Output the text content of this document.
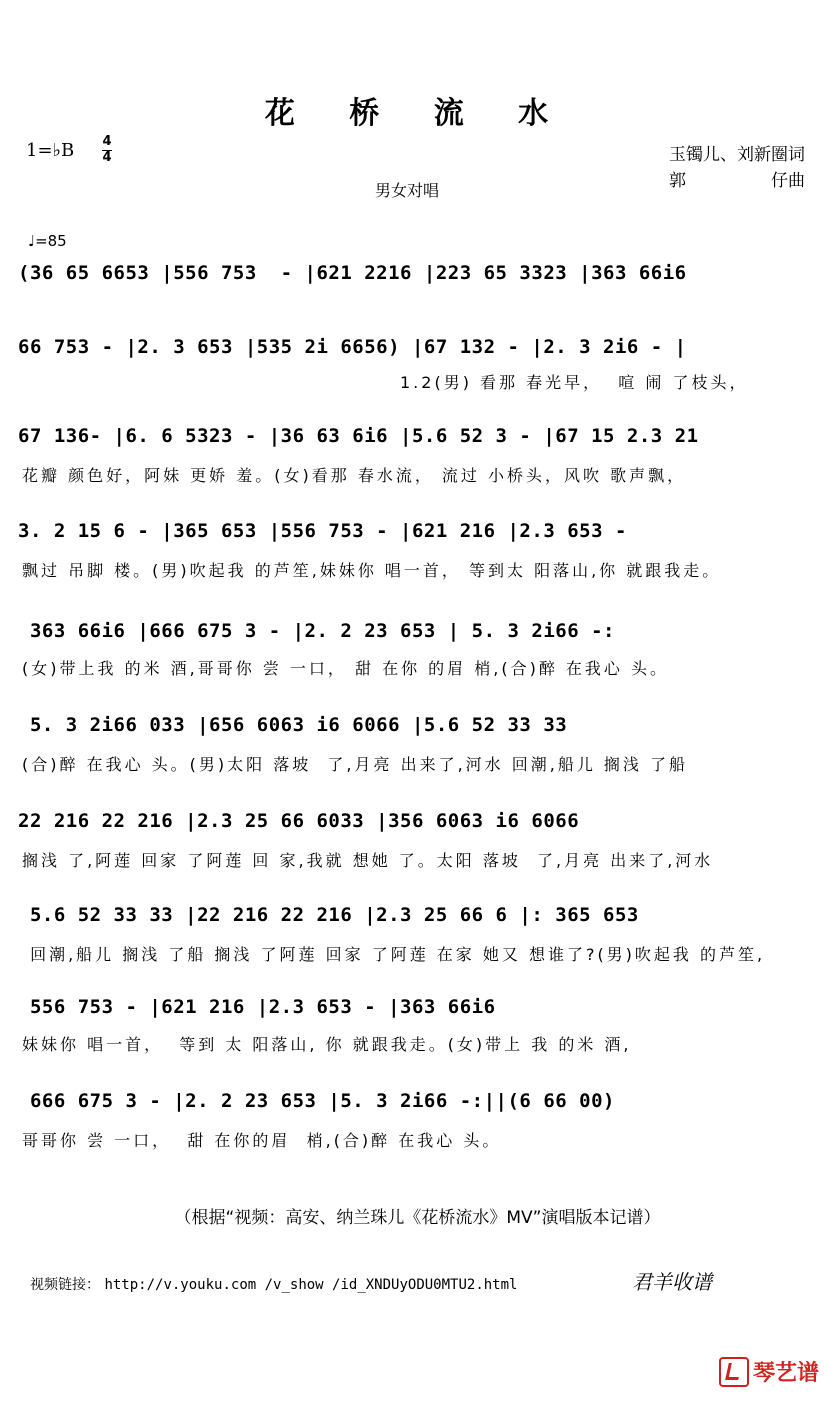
花 桥 流 水
1=♭B 4
4	玉镯儿、刘新圈词
郭	仔曲
男女对唱
♩=85
(36 65 6653 |556 753  - |621 2216 |223 65 3323 |363 66i6
66 753 - |2. 3 653 |535 2i 6656) |67 132 - |2. 3 2i6 - |
1.2(男) 看那 春光早，  喧 闹 了枝头，
67 136- |6. 6 5323 - |36 63 6i6 |5.6 52 3 - |67 15 2.3 21
花瓣 颜色好，阿妹 更娇 羞。(女)看那 春水流， 流过 小桥头，风吹 歌声飘，
3. 2 15 6 - |365 653 |556 753 - |621 216 |2.3 653 -
飘过 吊脚 楼。(男)吹起我 的芦笙,妹妹你 唱一首， 等到太 阳落山,你 就跟我走。
363 66i6 |666 675 3 - |2. 2 23 653 | 5. 3 2i66 -:
(女)带上我 的米 酒,哥哥你 尝 一口， 甜 在你 的眉 梢,(合)醉 在我心 头。
5. 3 2i66 033 |656 6063 i6 6066 |5.6 52 33 33
(合)醉 在我心 头。(男)太阳 落坡  了,月亮 出来了,河水 回潮,船儿 搁浅 了船
22 216 22 216 |2.3 25 66 6033 |356 6063 i6 6066
搁浅 了,阿莲 回家 了阿莲 回 家,我就 想她 了。太阳 落坡  了,月亮 出来了,河水
5.6 52 33 33 |22 216 22 216 |2.3 25 66 6 |: 365 653
回潮,船儿 搁浅 了船 搁浅 了阿莲 回家 了阿莲 在家 她又 想谁了?(男)吹起我 的芦笙,
556 753 - |621 216 |2.3 653 - |363 66i6
妹妹你 唱一首，  等到 太 阳落山, 你 就跟我走。(女)带上 我 的米 酒,
666 675 3 - |2. 2 23 653 |5. 3 2i66 -:||(6 66 00)
哥哥你 尝 一口，  甜 在你的眉  梢,(合)醉 在我心 头。
（根据“视频：高安、纳兰珠儿《花桥流水》MV”演唱版本记谱）
视频链接： http://v.youku.com /v_show /id_XNDUyODU0MTU2.html	君羊收谱
琴艺谱
